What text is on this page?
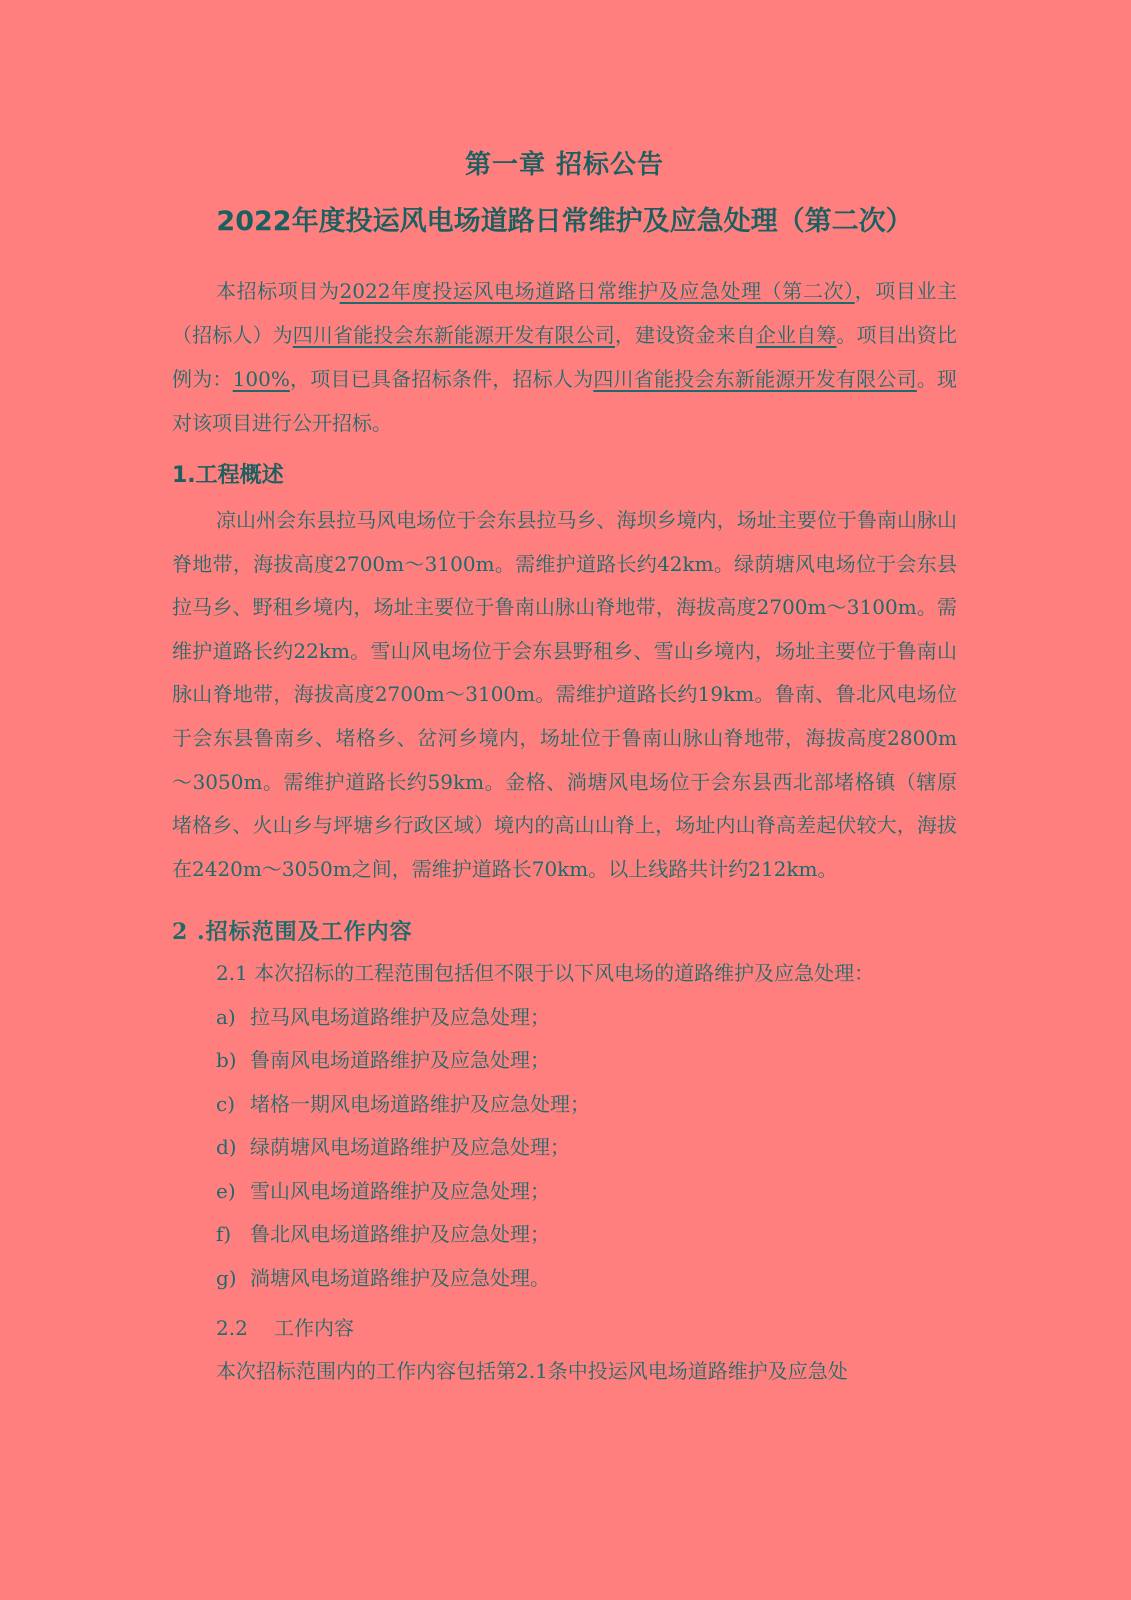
第一章 招标公告
2022年度投运风电场道路日常维护及应急处理（第二次）

本招标项目为2022年度投运风电场道路日常维护及应急处理（第二次），项目业主（招标人）为四川省能投会东新能源开发有限公司，建设资金来自企业自筹。项目出资比例为：100%，项目已具备招标条件，招标人为四川省能投会东新能源开发有限公司。现对该项目进行公开招标。

1.工程概述

凉山州会东县拉马风电场位于会东县拉马乡、海坝乡境内，场址主要位于鲁南山脉山脊地带，海拔高度2700m～3100m。需维护道路长约42km。绿荫塘风电场位于会东县拉马乡、野租乡境内，场址主要位于鲁南山脉山脊地带，海拔高度2700m～3100m。需维护道路长约22km。雪山风电场位于会东县野租乡、雪山乡境内，场址主要位于鲁南山脉山脊地带，海拔高度2700m～3100m。需维护道路长约19km。鲁南、鲁北风电场位于会东县鲁南乡、堵格乡、岔河乡境内，场址位于鲁南山脉山脊地带，海拔高度2800m～3050m。需维护道路长约59km。金格、淌塘风电场位于会东县西北部堵格镇（辖原堵格乡、火山乡与坪塘乡行政区域）境内的高山山脊上，场址内山脊高差起伏较大，海拔在2420m～3050m之间，需维护道路长70km。以上线路共计约212km。

2 .招标范围及工作内容
2.1 本次招标的工程范围包括但不限于以下风电场的道路维护及应急处理：
a) 拉马风电场道路维护及应急处理；
b) 鲁南风电场道路维护及应急处理；
c) 堵格一期风电场道路维护及应急处理；
d) 绿荫塘风电场道路维护及应急处理；
e) 雪山风电场道路维护及应急处理；
f) 鲁北风电场道路维护及应急处理；
g) 淌塘风电场道路维护及应急处理。
2.2 工作内容
本次招标范围内的工作内容包括第2.1条中投运风电场道路维护及应急处
